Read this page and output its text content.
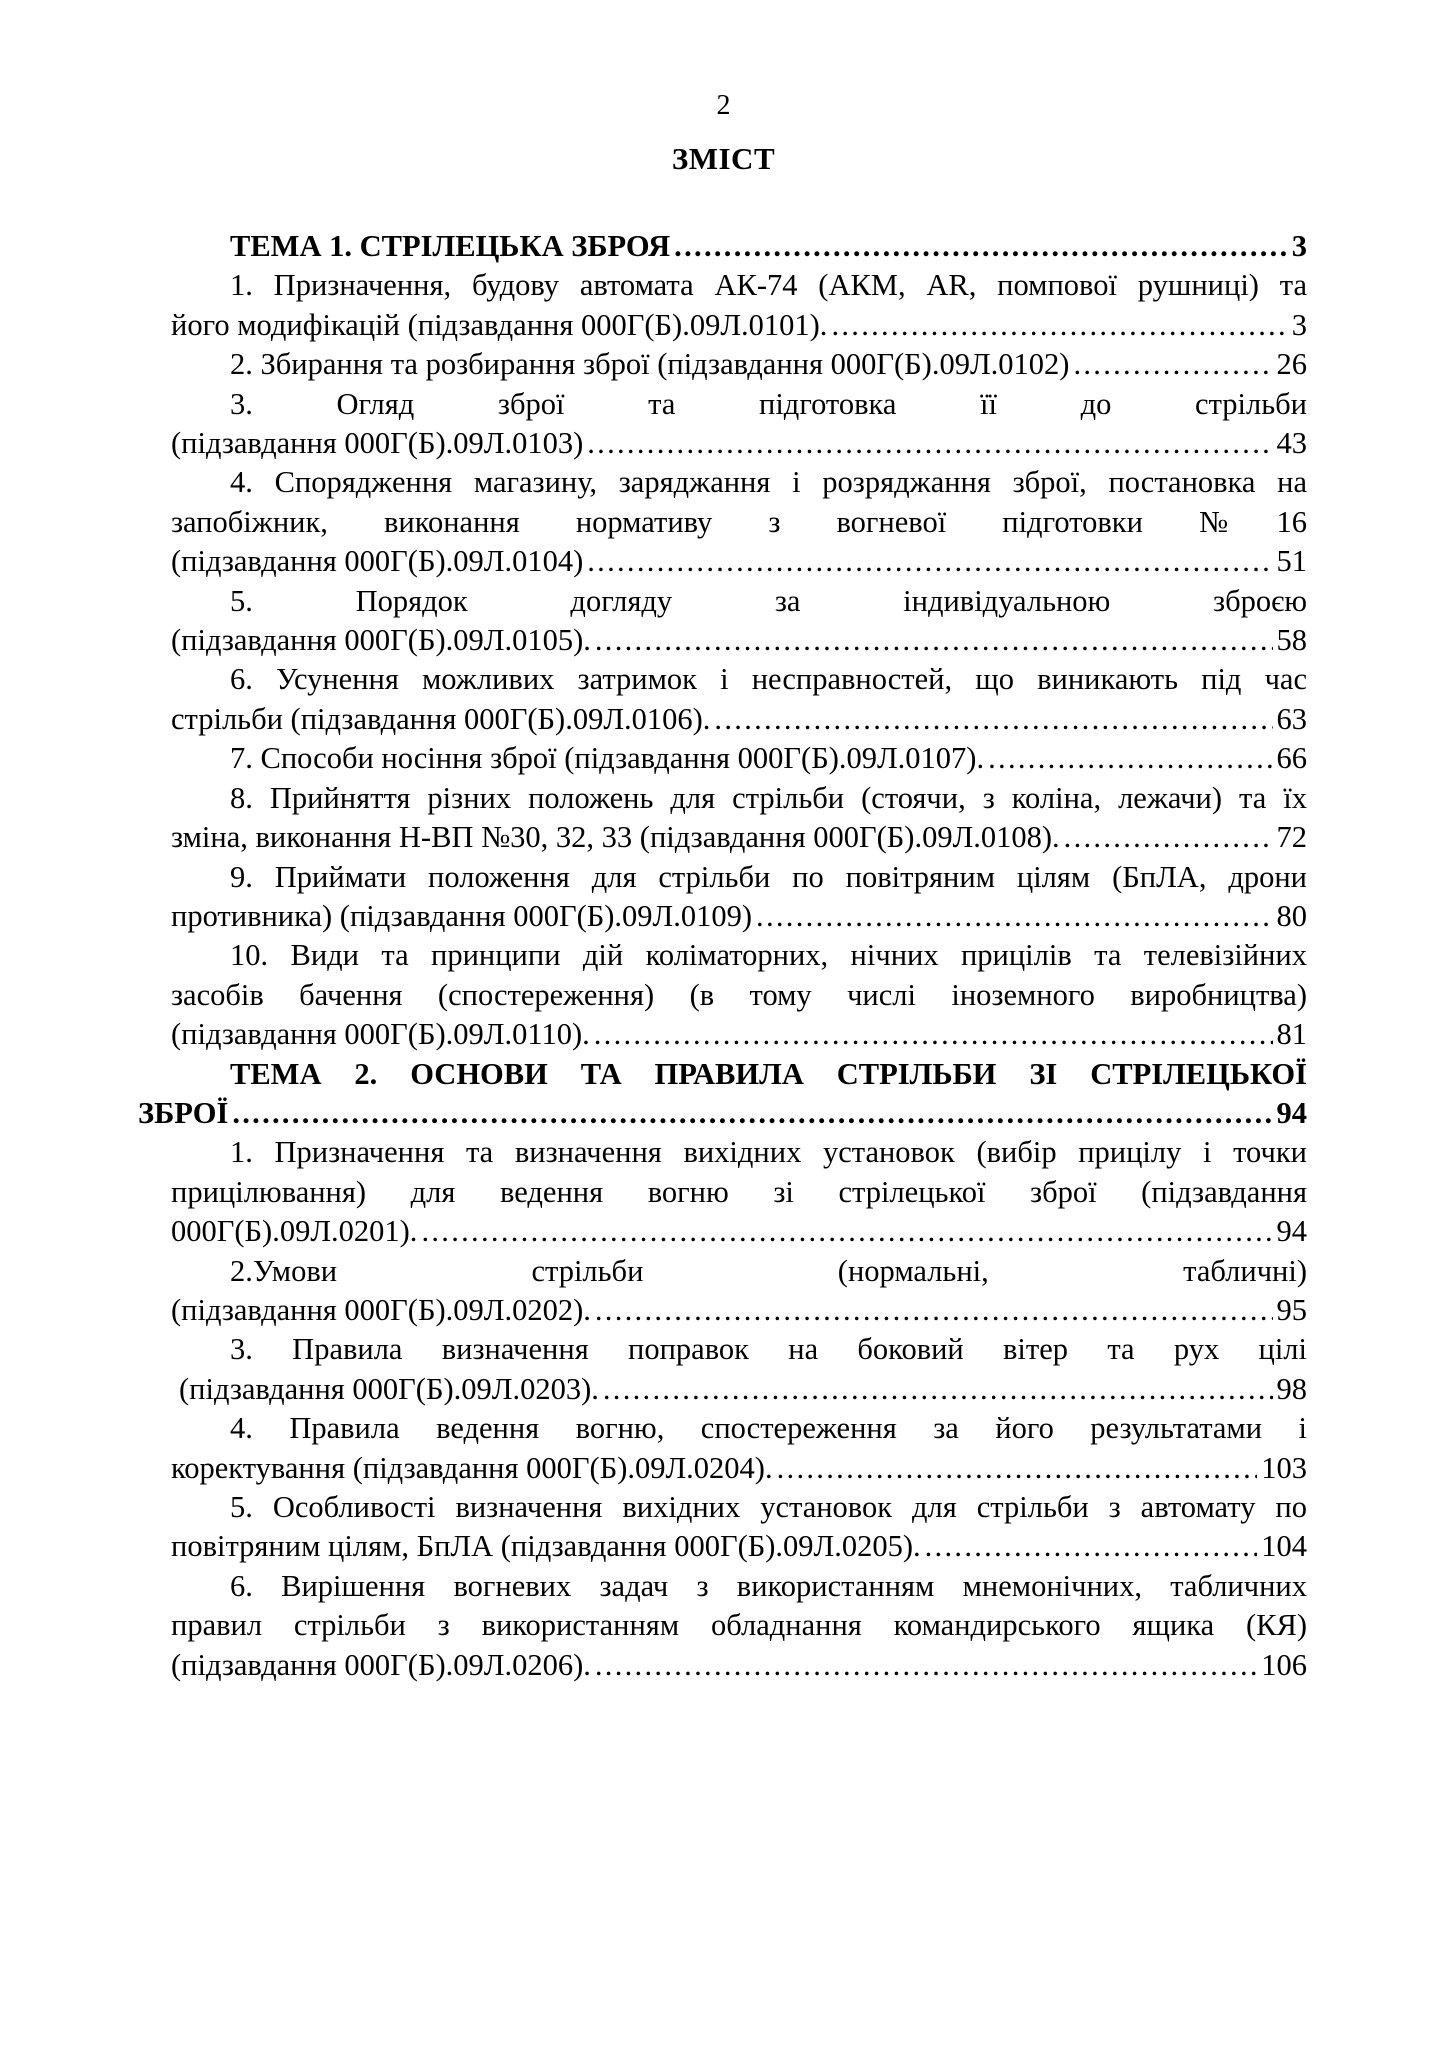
2
ЗМІСТ
ТЕМА 1. СТРІЛЕЦЬКА ЗБРОЯ .....	3
1. Призначення, будову автомата АК-74 (АКМ, AR, помпової рушниці) та
його модифікацій (підзавдання 000Г(Б).09Л.0101). .....	3
2. Збирання та розбирання зброї (підзавдання 000Г(Б).09Л.0102) .....	26
3. Огляд зброї та підготовка її до стрільби
(підзавдання 000Г(Б).09Л.0103) .....	43
4. Спорядження магазину, заряджання і розряджання зброї, постановка на
запобіжник, виконання нормативу з вогневої підготовки №16
(підзавдання 000Г(Б).09Л.0104) .....	51
5. Порядок догляду за індивідуальною зброєю
(підзавдання 000Г(Б).09Л.0105). .....	58
6. Усунення можливих затримок і несправностей, що виникають під час
стрільби (підзавдання 000Г(Б).09Л.0106). .....	63
7. Способи носіння зброї (підзавдання 000Г(Б).09Л.0107). .....	66
8. Прийняття різних положень для стрільби (стоячи, з коліна, лежачи) та їх
зміна, виконання Н-ВП №30, 32, 33 (підзавдання 000Г(Б).09Л.0108). .....	72
9. Приймати положення для стрільби по повітряним цілям (БпЛА, дрони
противника) (підзавдання 000Г(Б).09Л.0109) .....	80
10. Види та принципи дій коліматорних, нічних прицілів та телевізійних
засобів бачення (спостереження) (в тому числі іноземного виробництва)
(підзавдання 000Г(Б).09Л.0110). .....	81
ТЕМА 2. ОСНОВИ ТА ПРАВИЛА СТРІЛЬБИ ЗІ СТРІЛЕЦЬКОЇ
ЗБРОЇ .....	94
1. Призначення та визначення вихідних установок (вибір прицілу і точки
прицілювання) для ведення вогню зі стрілецької зброї (підзавдання
000Г(Б).09Л.0201). .....	94
2.Умови стрільби (нормальні, табличні)
(підзавдання 000Г(Б).09Л.0202). .....	95
3. Правила визначення поправок на боковий вітер та рух цілі
(підзавдання 000Г(Б).09Л.0203). .....	98
4. Правила ведення вогню, спостереження за його результатами і
коректування (підзавдання 000Г(Б).09Л.0204). .....	103
5. Особливості визначення вихідних установок для стрільби з автомату по
повітряним цілям, БпЛА (підзавдання 000Г(Б).09Л.0205). .....	104
6. Вирішення вогневих задач з використанням мнемонічних, табличних
правил стрільби з використанням обладнання командирського ящика (КЯ)
(підзавдання 000Г(Б).09Л.0206). .....	106
